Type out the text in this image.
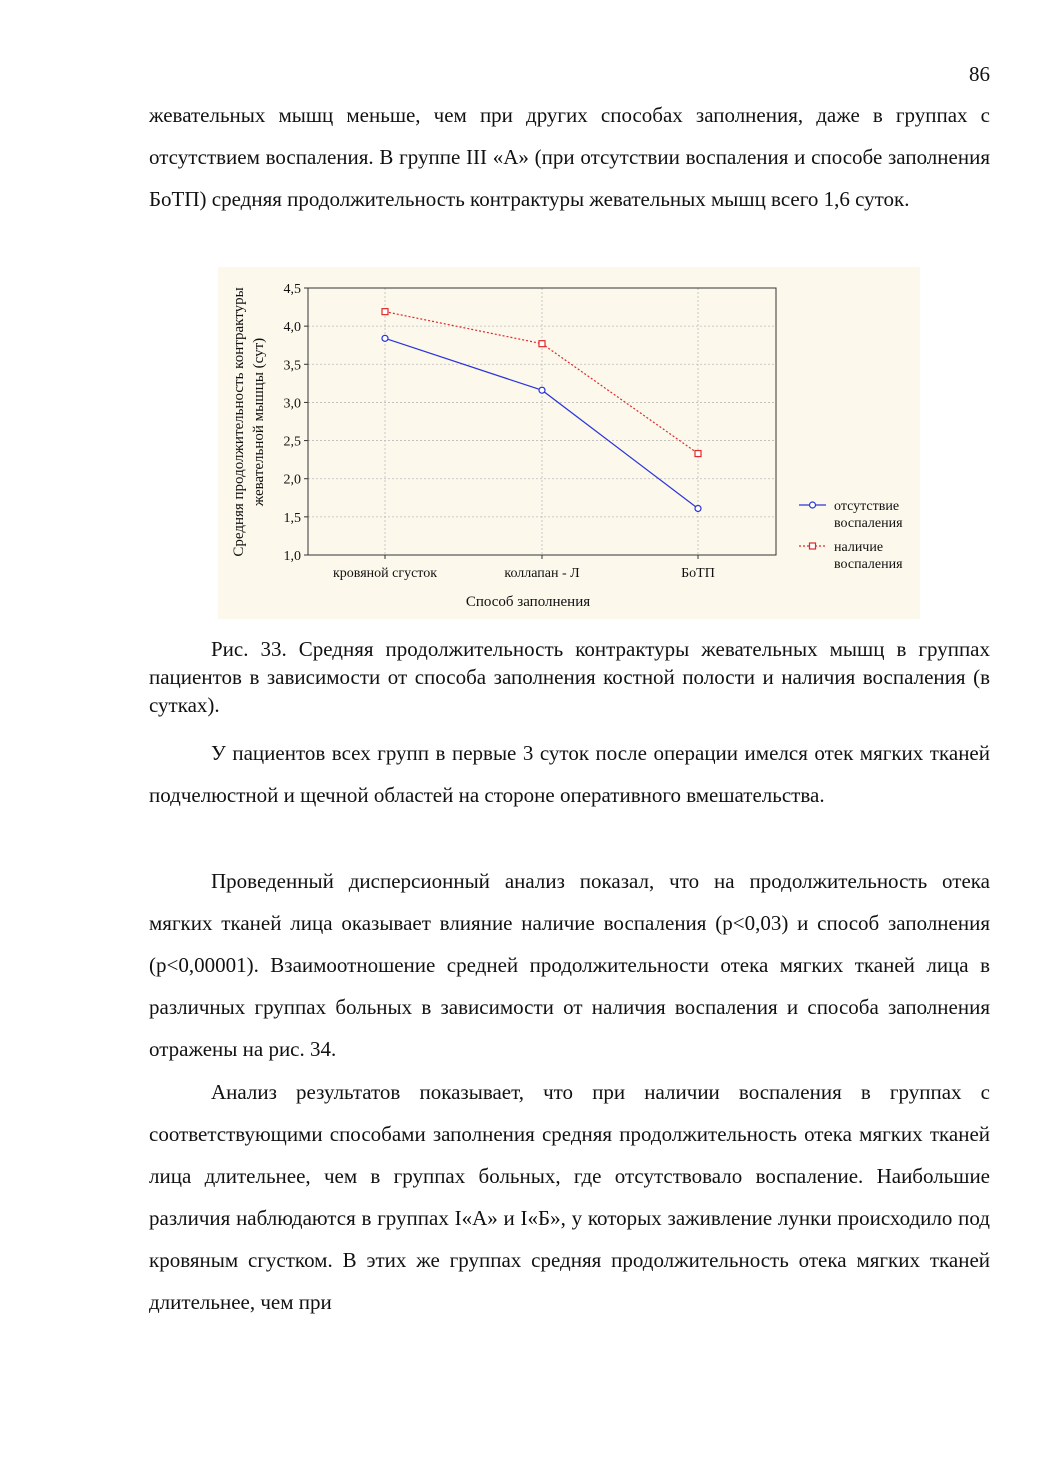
86

жевательных мышц меньше, чем при других способах заполнения, даже в группах с отсутствием воспаления. В группе III «А» (при отсутствии воспаления и способе заполнения БоТП) средняя продолжительность контрактуры жевательных мышц всего 1,6 суток.

1,0
1,5
2,0
2,5
3,0
3,5
4,0
4,5
кровяной сгусток	коллапан - Л	БоТП
Способ заполнения
Средняя продолжительность контрактуры жевательной мышцы (сут)
отсутствие
воспаления
наличие
воспаления

Рис. 33. Средняя продолжительность контрактуры жевательных мышц в группах пациентов в зависимости от способа заполнения костной полости и наличия воспаления (в сутках).

У пациентов всех групп в первые 3 суток после операции имелся отек мягких тканей подчелюстной и щечной областей на стороне оперативного вмешательства.

Проведенный дисперсионный анализ показал, что на продолжительность отека мягких тканей лица оказывает влияние наличие воспаления (p<0,03) и способ заполнения (p<0,00001). Взаимоотношение средней продолжительности отека мягких тканей лица в различных группах больных в зависимости от наличия воспаления и способа заполнения отражены на рис. 34.

Анализ результатов показывает, что при наличии воспаления в группах с соответствующими способами заполнения средняя продолжительность отека мягких тканей лица длительнее, чем в группах больных, где отсутствовало воспаление. Наибольшие различия наблюдаются в группах I«А» и I«Б», у которых заживление лунки происходило под кровяным сгустком. В этих же группах средняя продолжительность отека мягких тканей длительнее, чем при
